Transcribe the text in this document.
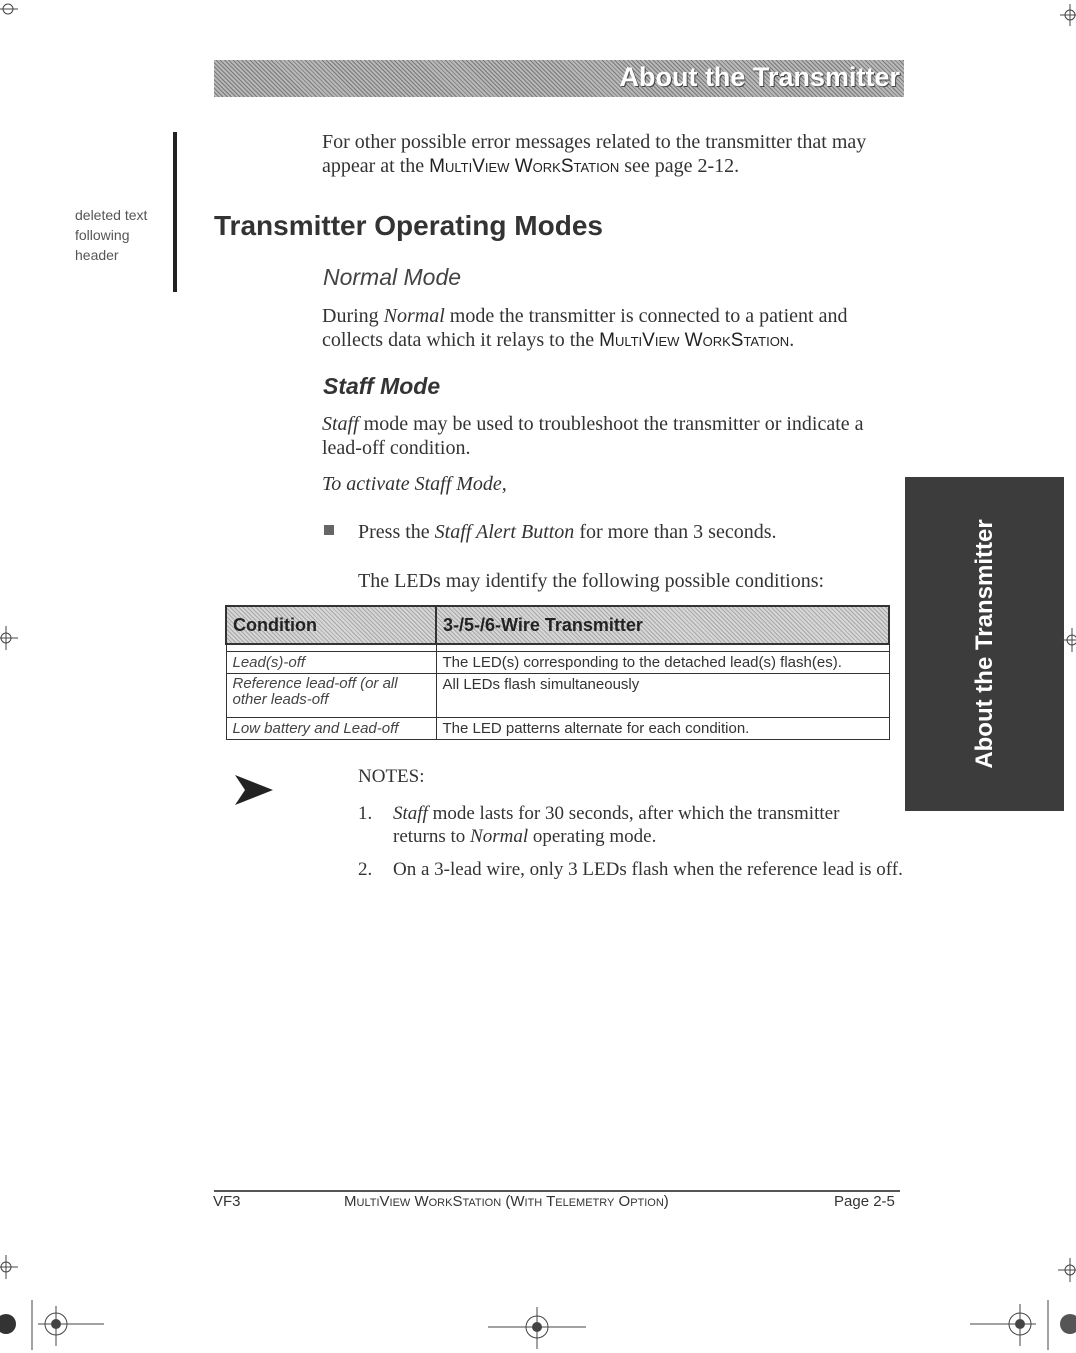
About the Transmitter
For other possible error messages related to the transmitter that may appear at the MultiView WorkStation see page 2-12.
deleted text following header
Transmitter Operating Modes
Normal Mode
During Normal mode the transmitter is connected to a patient and collects data which it relays to the MultiView WorkStation.
Staff Mode
Staff mode may be used to troubleshoot the transmitter or indicate a lead-off condition.
To activate Staff Mode,
Press the Staff Alert Button for more than 3 seconds.
The LEDs may identify the following possible conditions:
Condition	3-/5-/6-Wire Transmitter

Lead(s)-off	The LED(s) corresponding to the detached lead(s) flash(es).
Reference lead-off (or all other leads-off	All LEDs flash simultaneously
Low battery and Lead-off	The LED patterns alternate for each condition.
NOTES:
1. Staff mode lasts for 30 seconds, after which the transmitter returns to Normal operating mode.
2. On a 3-lead wire, only 3 LEDs flash when the reference lead is off.
About the Transmitter
VF3	MultiView WorkStation (With Telemetry Option)	Page 2-5
